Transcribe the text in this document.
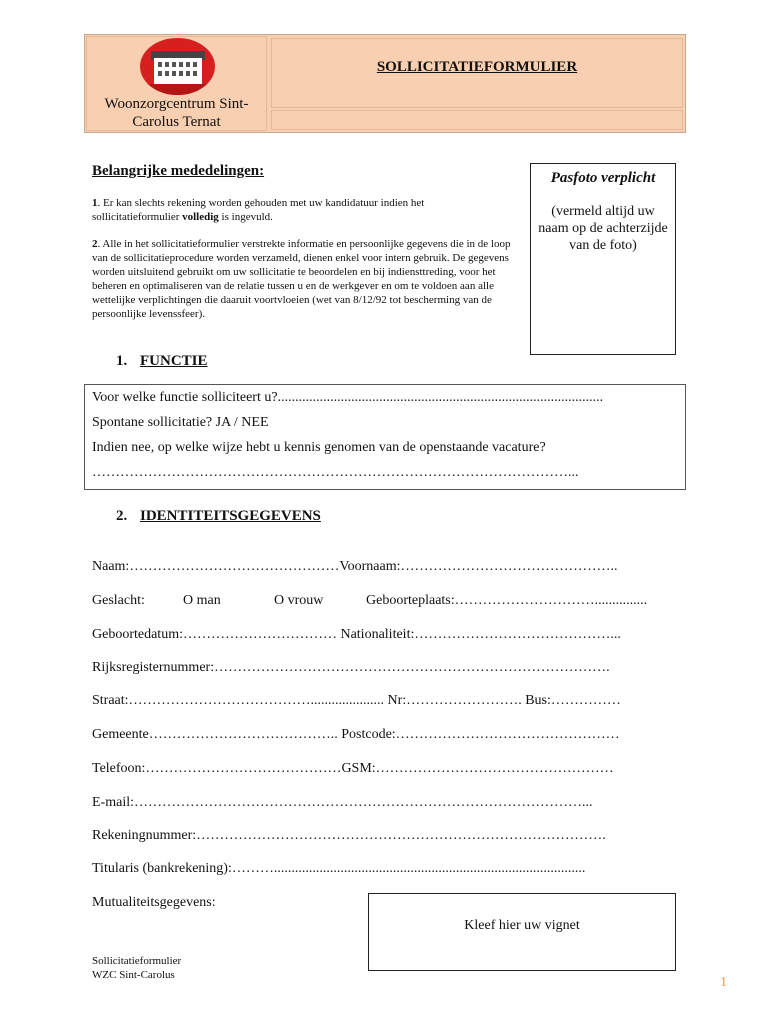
Woonzorgcentrum Sint-Carolus Ternat
SOLLICITATIEFORMULIER
Belangrijke mededelingen:
1. Er kan slechts rekening worden gehouden met uw kandidatuur indien het sollicitatieformulier volledig is ingevuld.
2. Alle in het sollicitatieformulier verstrekte informatie en persoonlijke gegevens die in de loop van de sollicitatieprocedure worden verzameld, dienen enkel voor intern gebruik. De gegevens worden uitsluitend gebruikt om uw sollicitatie te beoordelen en bij indiensttreding, voor het beheren en optimaliseren van de relatie tussen u en de werkgever en om te voldoen aan alle wettelijke verplichtingen die daaruit voortvloeien (wet van 8/12/92 tot bescherming van de persoonlijke levenssfeer).
Pasfoto verplicht
(vermeld altijd uw naam op de achterzijde van de foto)
1. FUNCTIE
Voor welke functie solliciteert u?.............................................................................................
Spontane sollicitatie? JA / NEE
Indien nee, op welke wijze hebt u kennis genomen van de openstaande vacature?
…………………………………………………………………………………………...
2. IDENTITEITSGEGEVENS
Naam:………………………………………Voornaam:………………………………………..
Geslacht:	O man	O vrouw	Geboorteplaats:…………………………...............
Geboortedatum:…………………………… Nationaliteit:……………………………………...
Rijksregisternummer:………………………………………………………………………….
Straat:…………………………………..................... Nr:……………………. Bus:……………
Gemeente………………………………….. Postcode:…………………………………………
Telefoon:……………………………………GSM:……………………………………………
E-mail:……………………………………………………………………………………...
Rekeningnummer:…………………………………………………………………………….
Titularis (bankrekening):……….........................................................................................
Mutualiteitsgegevens:
Kleef hier uw vignet
Sollicitatieformulier
WZC Sint-Carolus	1
